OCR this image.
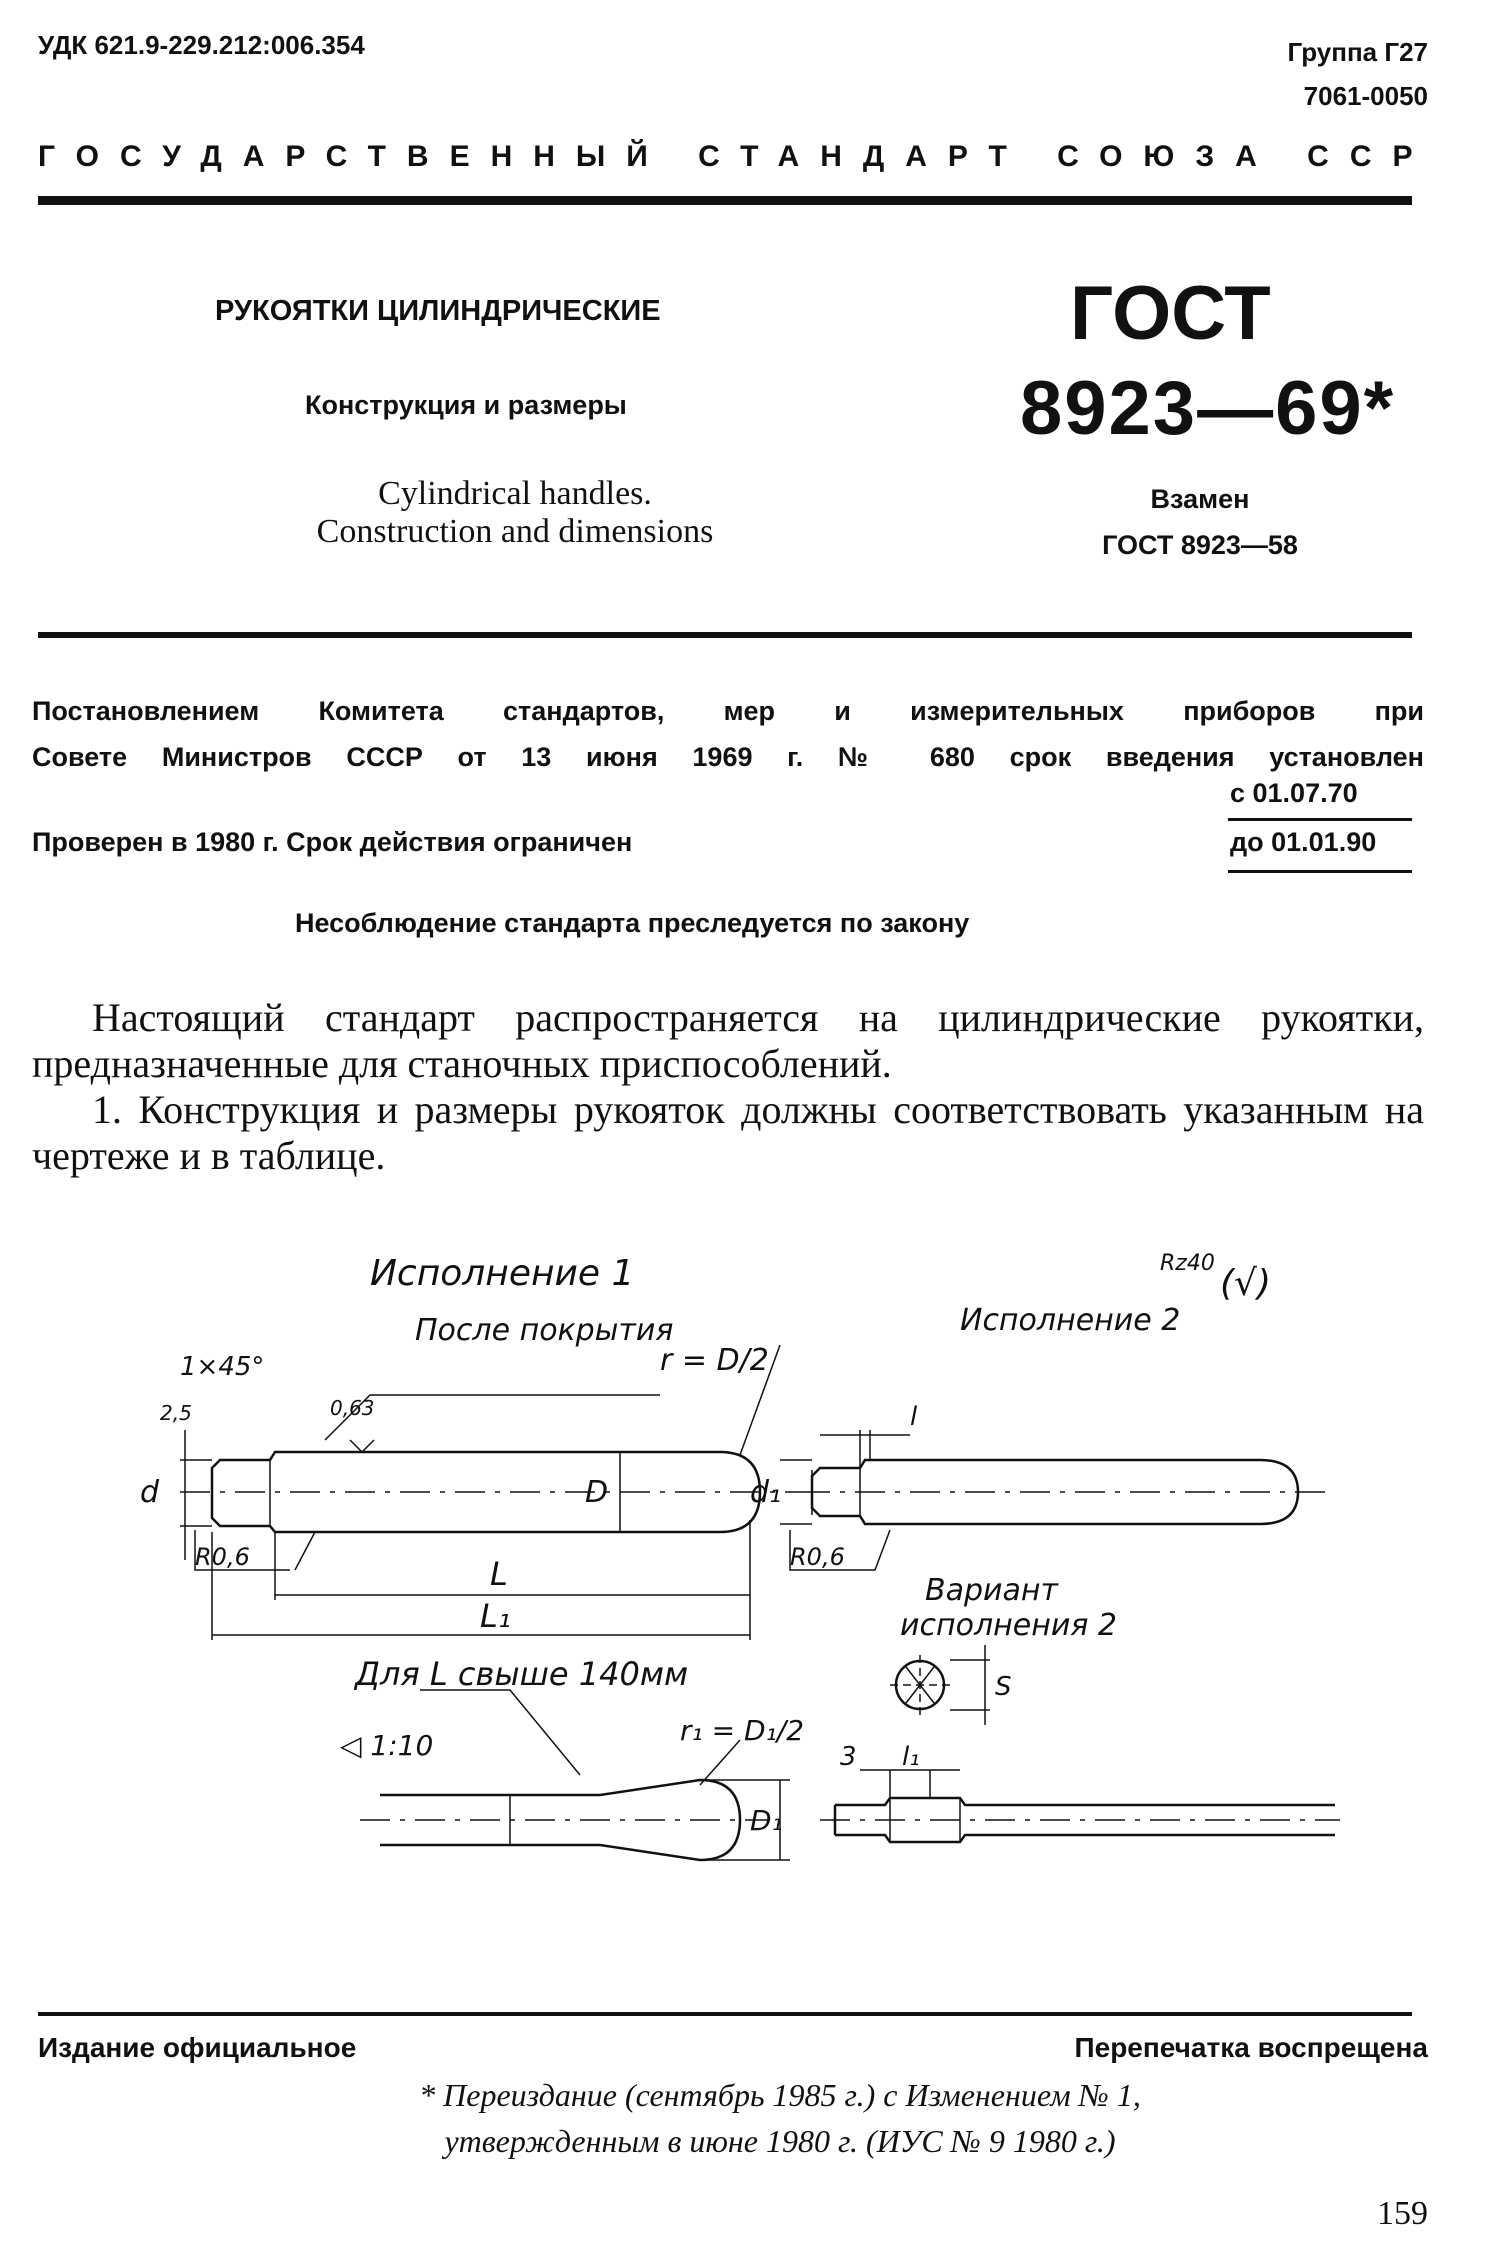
УДК 621.9-229.212:006.354	Группа Г27
7061-0050
ГОСУДАРСТВЕННЫЙ СТАНДАРТ СОЮЗА ССР
РУКОЯТКИ ЦИЛИНДРИЧЕСКИЕ
Конструкция и размеры
Cylindrical handles.
Construction and dimensions
ГОСТ
8923—69*
Взамен
ГОСТ 8923—58
Постановлением Комитета стандартов, мер и измерительных приборов при
Совете Министров СССР от 13 июня 1969 г. № 680 срок введения установлен
с 01.07.70
Проверен в 1980 г. Срок действия ограничен	до 01.01.90
Несоблюдение стандарта преследуется по закону

Настоящий стандарт распространяется на цилиндрические рукоятки, предназначенные для станочных приспособлений.

1. Конструкция и размеры рукояток должны соответствовать указанным на чертеже и в таблице.

Исполнение 1
После покрытия
1×45°
2,5	0,63
r = D/2
d	D
R0,6	L
L₁
Исполнение 2
Rz40 (√)
l
d₁
R0,6
Вариант
исполнения 2
Для L свыше 140мм
◁ 1:10	r₁ = D₁/2
D₁
S
3 l₁
Издание официальное	Перепечатка воспрещена
* Переиздание (сентябрь 1985 г.) с Изменением № 1,
утвержденным в июне 1980 г. (ИУС № 9 1980 г.)
159
